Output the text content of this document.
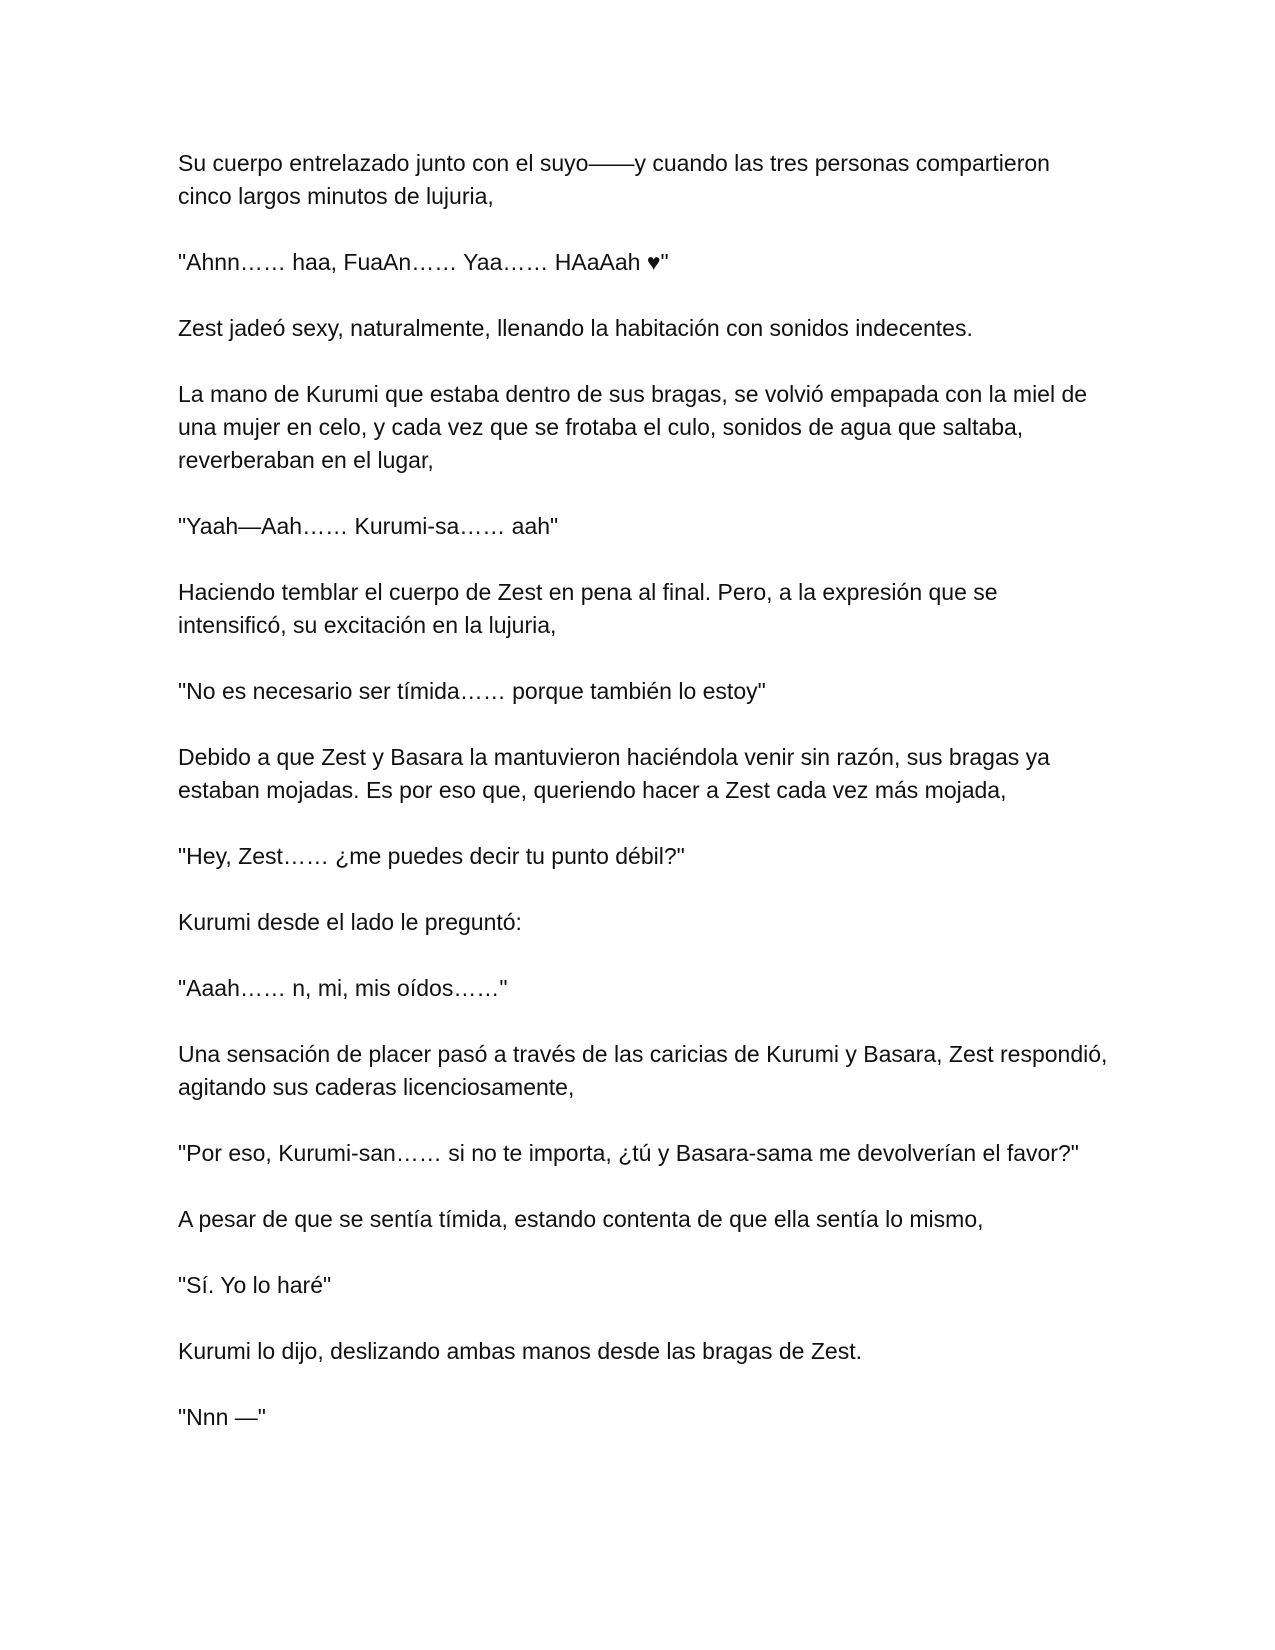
Su cuerpo entrelazado junto con el suyo——y cuando las tres personas compartieron cinco largos minutos de lujuria,

"Ahnn…… haa, FuaAn…… Yaa…… HAaAah ♥"

Zest jadeó sexy, naturalmente, llenando la habitación con sonidos indecentes.

La mano de Kurumi que estaba dentro de sus bragas, se volvió empapada con la miel de una mujer en celo, y cada vez que se frotaba el culo, sonidos de agua que saltaba, reverberaban en el lugar,

"Yaah—Aah…… Kurumi-sa…… aah"

Haciendo temblar el cuerpo de Zest en pena al final. Pero, a la expresión que se intensificó, su excitación en la lujuria,

"No es necesario ser tímida…… porque también lo estoy"

Debido a que Zest y Basara la mantuvieron haciéndola venir sin razón, sus bragas ya estaban mojadas. Es por eso que, queriendo hacer a Zest cada vez más mojada,

"Hey, Zest…… ¿me puedes decir tu punto débil?"

Kurumi desde el lado le preguntó:

"Aaah…… n, mi, mis oídos……"

Una sensación de placer pasó a través de las caricias de Kurumi y Basara, Zest respondió, agitando sus caderas licenciosamente,

"Por eso, Kurumi-san…… si no te importa, ¿tú y Basara-sama me devolverían el favor?"

A pesar de que se sentía tímida, estando contenta de que ella sentía lo mismo,

"Sí. Yo lo haré"

Kurumi lo dijo, deslizando ambas manos desde las bragas de Zest.

"Nnn —"
